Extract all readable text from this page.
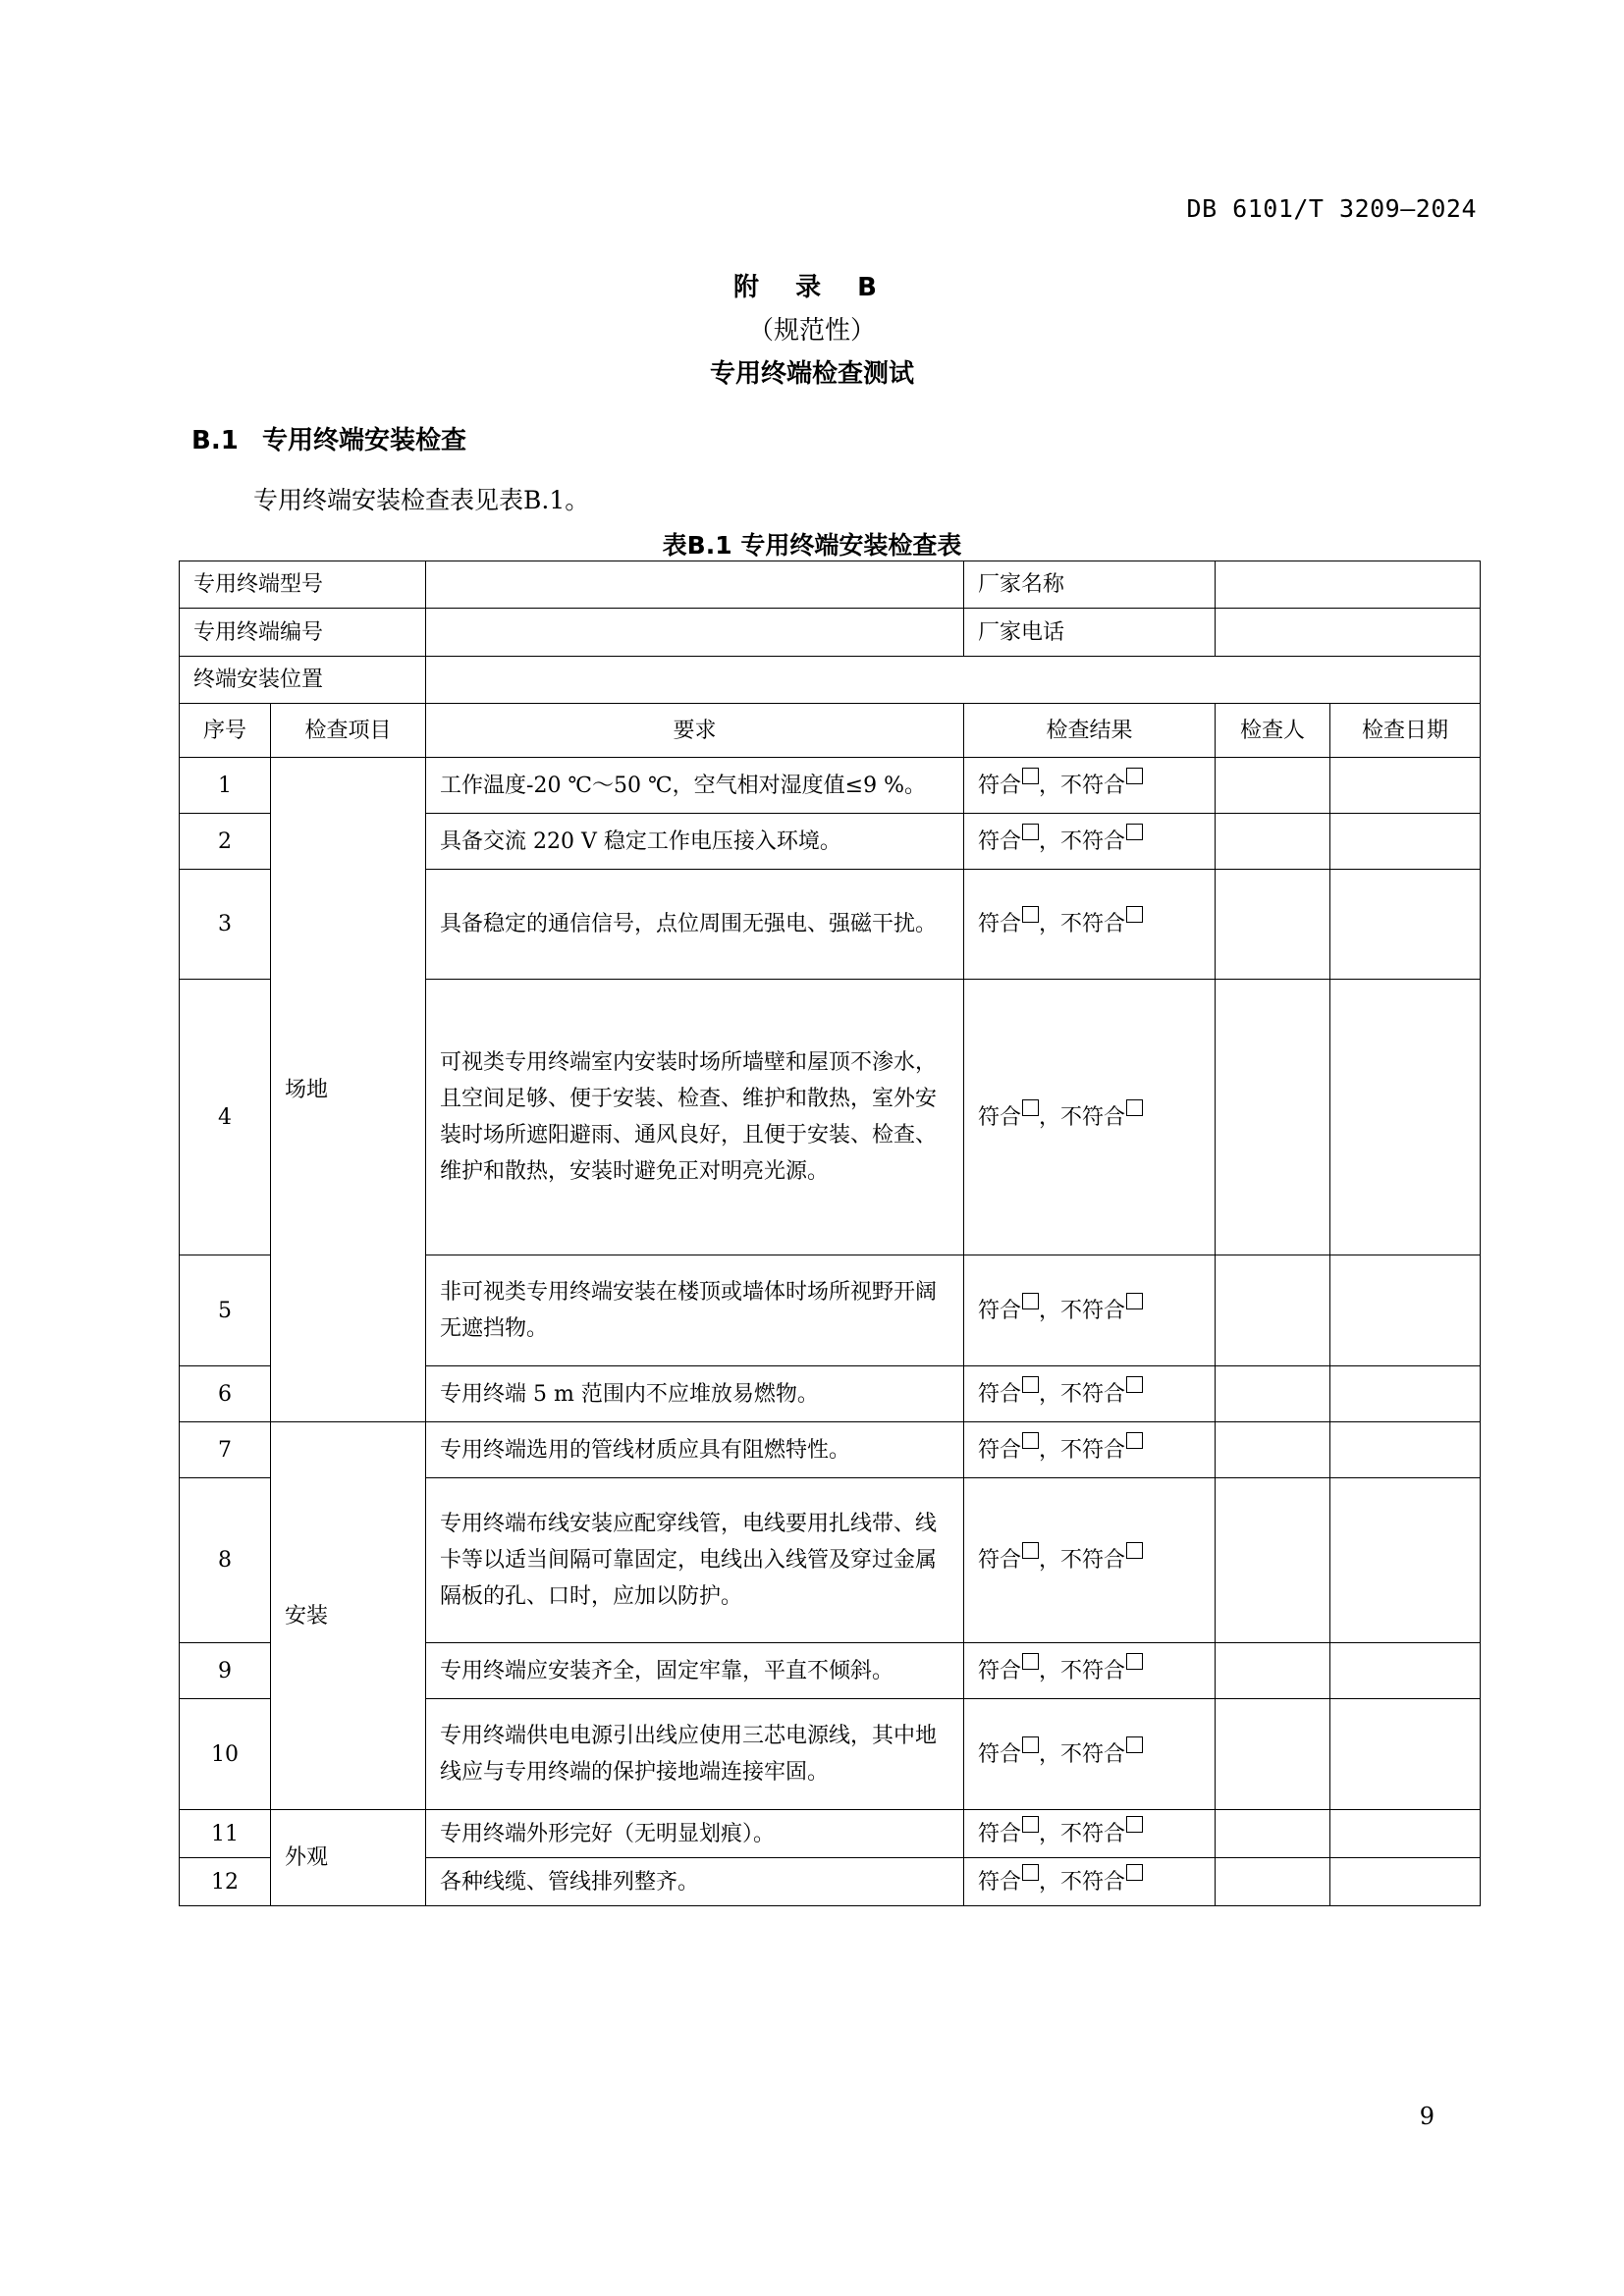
DB 6101/T 3209—2024
附 录 B
（规范性）
专用终端检查测试
B.1 专用终端安装检查
专用终端安装检查表见表B.1。
表B.1 专用终端安装检查表
专用终端型号			厂家名称		
专用终端编号			厂家电话		
终端安装位置					
序号	检查项目	要求	检查结果	检查人	检查日期
1	场地	工作温度-20 ℃～50 ℃，空气相对湿度值≤9 %。	符合 ，不符合		
2		具备交流 220 V 稳定工作电压接入环境。	符合 ，不符合		
3		具备稳定的通信信号，点位周围无强电、强磁干扰。	符合 ，不符合		
4		可视类专用终端室内安装时场所墙壁和屋顶不渗水，且空间足够、便于安装、检查、维护和散热，室外安装时场所遮阳避雨、通风良好，且便于安装、检查、维护和散热，安装时避免正对明亮光源。	符合 ，不符合		
5		非可视类专用终端安装在楼顶或墙体时场所视野开阔无遮挡物。	符合 ，不符合		
6		专用终端 5 m 范围内不应堆放易燃物。	符合 ，不符合		
7	安装	专用终端选用的管线材质应具有阻燃特性。	符合 ，不符合		
8		专用终端布线安装应配穿线管，电线要用扎线带、线卡等以适当间隔可靠固定，电线出入线管及穿过金属隔板的孔、口时，应加以防护。	符合 ，不符合		
9		专用终端应安装齐全，固定牢靠，平直不倾斜。	符合 ，不符合		
10		专用终端供电电源引出线应使用三芯电源线，其中地线应与专用终端的保护接地端连接牢固。	符合 ，不符合		
11	外观	专用终端外形完好（无明显划痕）。	符合 ，不符合		
12		各种线缆、管线排列整齐。	符合 ，不符合		
9
